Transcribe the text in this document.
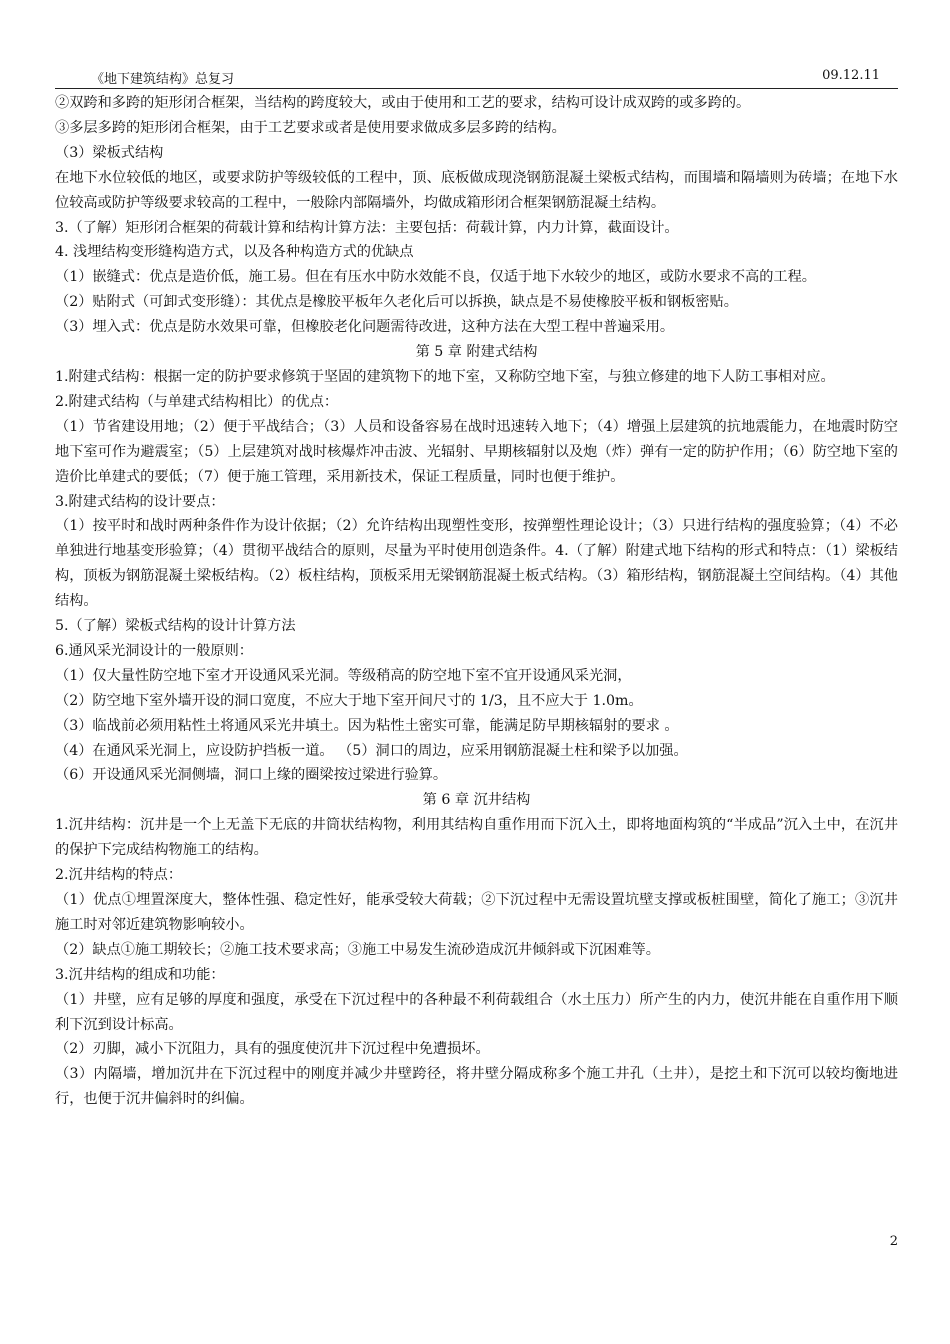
《地下建筑结构》总复习	09.12.11

②双跨和多跨的矩形闭合框架，当结构的跨度较大，或由于使用和工艺的要求，结构可设计成双跨的或多跨的。

③多层多跨的矩形闭合框架，由于工艺要求或者是使用要求做成多层多跨的结构。

（3）梁板式结构

在地下水位较低的地区，或要求防护等级较低的工程中，顶、底板做成现浇钢筋混凝土梁板式结构，而围墙和隔墙则为砖墙；在地下水位较高或防护等级要求较高的工程中，一般除内部隔墙外，均做成箱形闭合框架钢筋混凝土结构。

3.（了解）矩形闭合框架的荷载计算和结构计算方法：主要包括：荷载计算，内力计算，截面设计。

4. 浅埋结构变形缝构造方式，以及各种构造方式的优缺点

（1）嵌缝式：优点是造价低，施工易。但在有压水中防水效能不良，仅适于地下水较少的地区，或防水要求不高的工程。

（2）贴附式（可卸式变形缝）：其优点是橡胶平板年久老化后可以拆换，缺点是不易使橡胶平板和钢板密贴。

（3）埋入式：优点是防水效果可靠，但橡胶老化问题需待改进，这种方法在大型工程中普遍采用。

第 5 章 附建式结构

1.附建式结构：根据一定的防护要求修筑于坚固的建筑物下的地下室，又称防空地下室，与独立修建的地下人防工事相对应。

2.附建式结构（与单建式结构相比）的优点：

（1）节省建设用地；（2）便于平战结合；（3）人员和设备容易在战时迅速转入地下；（4）增强上层建筑的抗地震能力，在地震时防空地下室可作为避震室；（5）上层建筑对战时核爆炸冲击波、光辐射、早期核辐射以及炮（炸）弹有一定的防护作用；（6）防空地下室的造价比单建式的要低；（7）便于施工管理，采用新技术，保证工程质量，同时也便于维护。

3.附建式结构的设计要点：

（1）按平时和战时两种条件作为设计依据；（2）允许结构出现塑性变形，按弹塑性理论设计；（3）只进行结构的强度验算；（4）不必单独进行地基变形验算；（4）贯彻平战结合的原则，尽量为平时使用创造条件。4.（了解）附建式地下结构的形式和特点：（1）梁板结构，顶板为钢筋混凝土梁板结构。（2）板柱结构，顶板采用无梁钢筋混凝土板式结构。（3）箱形结构，钢筋混凝土空间结构。（4）其他结构。

5.（了解）梁板式结构的设计计算方法

6.通风采光洞设计的一般原则：

（1）仅大量性防空地下室才开设通风采光洞。等级稍高的防空地下室不宜开设通风采光洞，

（2）防空地下室外墙开设的洞口宽度，不应大于地下室开间尺寸的 1/3，且不应大于 1.0m。

（3）临战前必须用粘性土将通风采光井填土。因为粘性土密实可靠，能满足防早期核辐射的要求 。

（4）在通风采光洞上，应设防护挡板一道。 （5）洞口的周边，应采用钢筋混凝土柱和梁予以加强。

（6）开设通风采光洞侧墙，洞口上缘的圈梁按过梁进行验算。

第 6 章 沉井结构

1.沉井结构：沉井是一个上无盖下无底的井筒状结构物，利用其结构自重作用而下沉入土，即将地面构筑的“半成品”沉入土中，在沉井的保护下完成结构物施工的结构。

2.沉井结构的特点：

（1）优点①埋置深度大，整体性强、稳定性好，能承受较大荷载；②下沉过程中无需设置坑壁支撑或板桩围壁，简化了施工；③沉井施工时对邻近建筑物影响较小。

（2）缺点①施工期较长；②施工技术要求高；③施工中易发生流砂造成沉井倾斜或下沉困难等。

3.沉井结构的组成和功能：

（1）井壁，应有足够的厚度和强度，承受在下沉过程中的各种最不利荷载组合（水土压力）所产生的内力，使沉井能在自重作用下顺利下沉到设计标高。

（2）刃脚，减小下沉阻力，具有的强度使沉井下沉过程中免遭损坏。

（3）内隔墙，增加沉井在下沉过程中的刚度并减少井壁跨径，将井壁分隔成称多个施工井孔（土井），是挖土和下沉可以较均衡地进行，也便于沉井偏斜时的纠偏。

2
